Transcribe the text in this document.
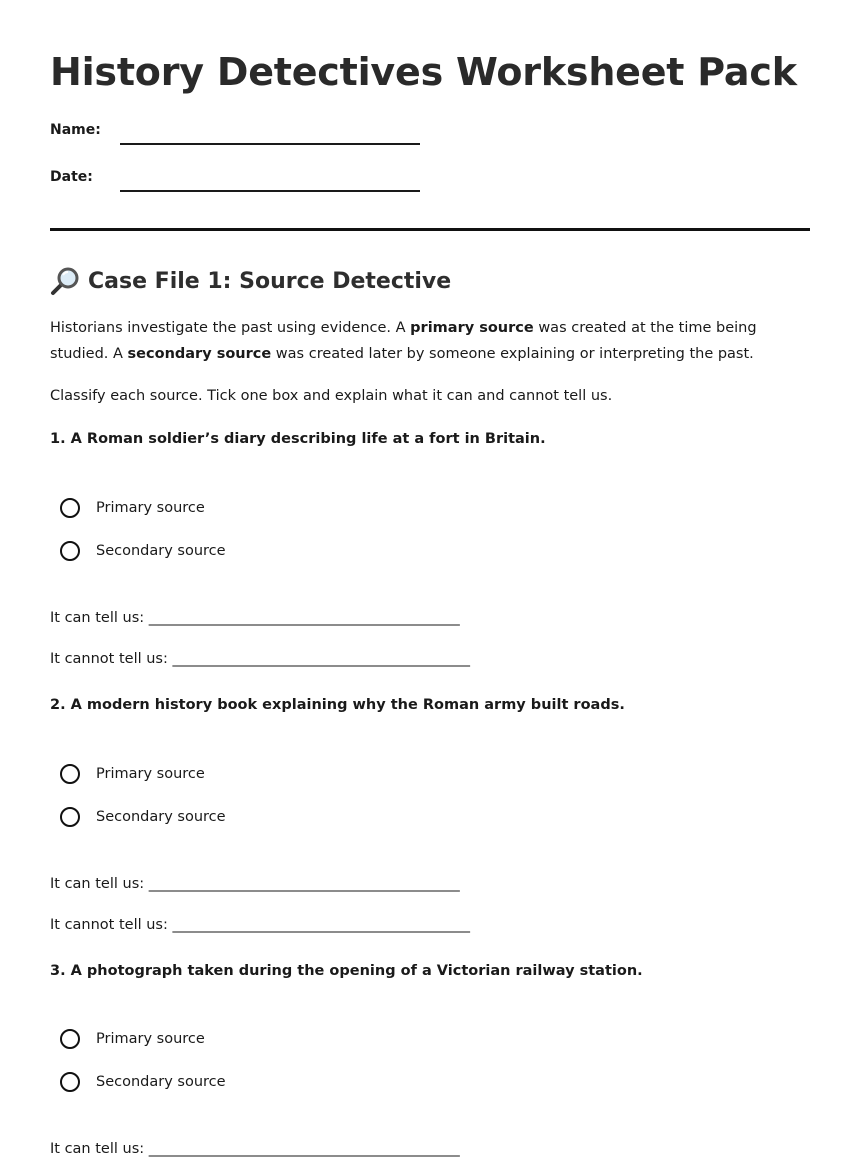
History Detectives Worksheet Pack
Name:
Date:
Case File 1: Source Detective

Historians investigate the past using evidence. A primary source was created at the time being studied. A secondary source was created later by someone explaining or interpreting the past.

Classify each source. Tick one box and explain what it can and cannot tell us.

1. A Roman soldier’s diary describing life at a fort in Britain.
Primary source
Secondary source
It can tell us: ______________________________________________
It cannot tell us: ____________________________________________
2. A modern history book explaining why the Roman army built roads.
Primary source
Secondary source
It can tell us: ______________________________________________
It cannot tell us: ____________________________________________
3. A photograph taken during the opening of a Victorian railway station.
Primary source
Secondary source
It can tell us: ______________________________________________
